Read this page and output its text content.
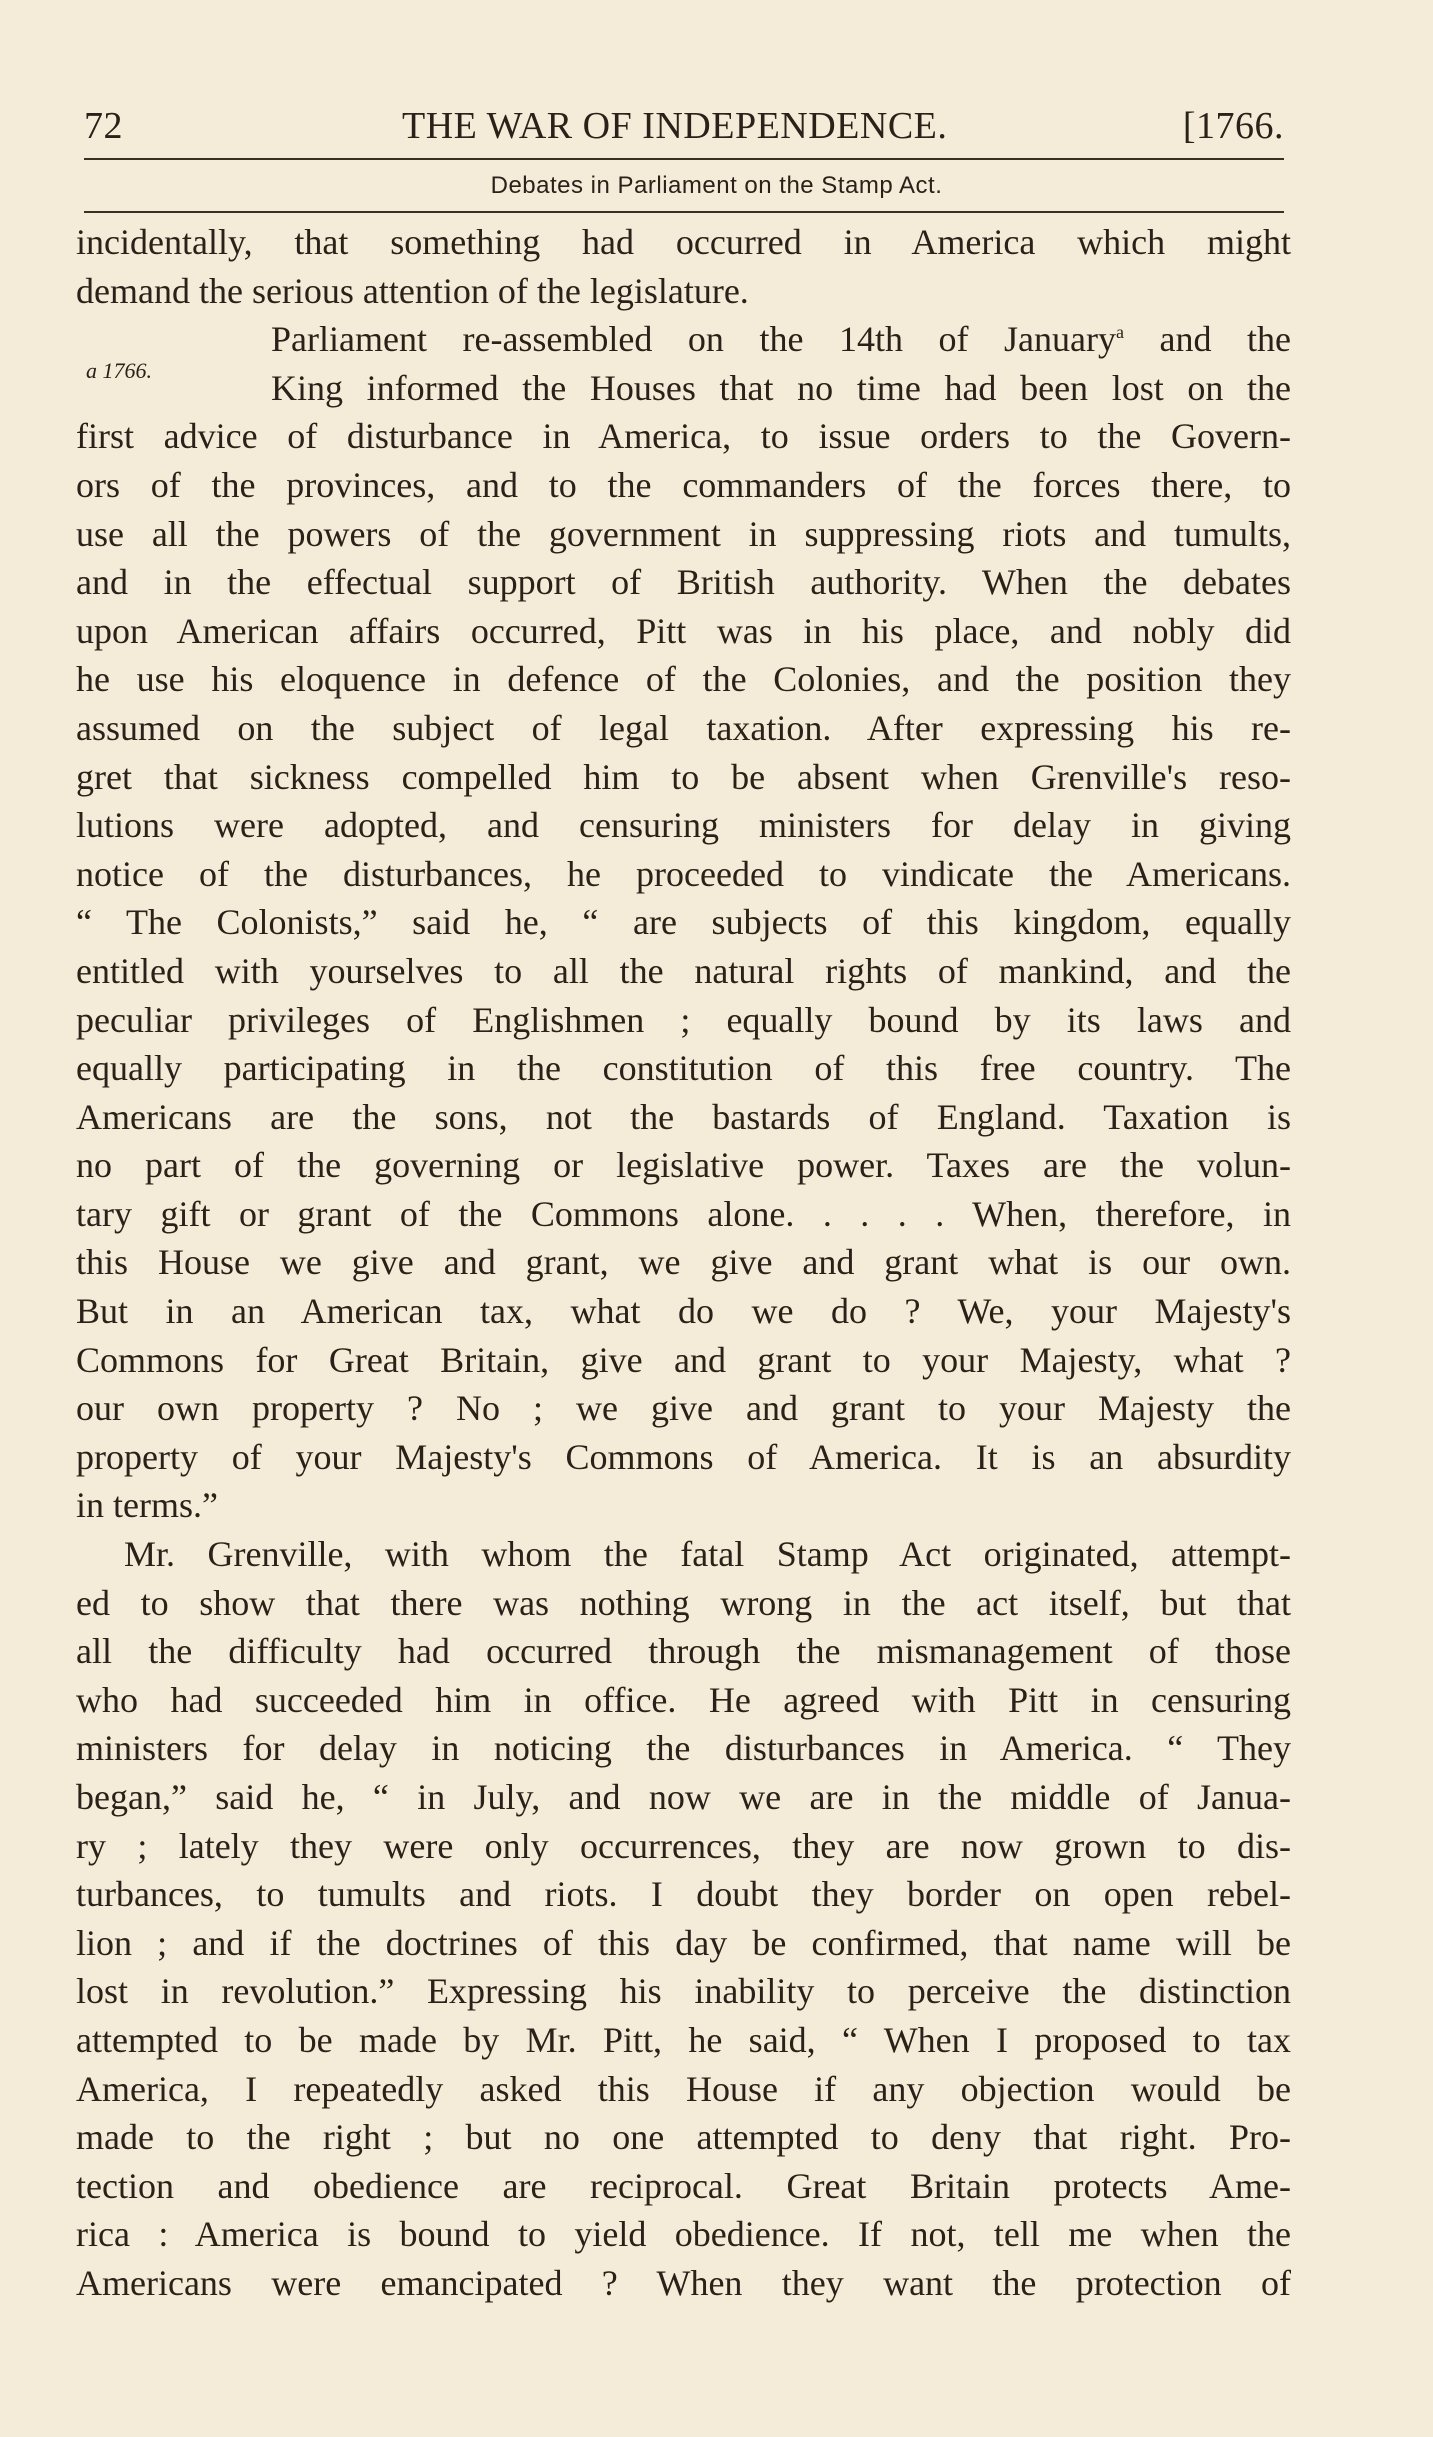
72	THE WAR OF INDEPENDENCE.	[1766.
Debates in Parliament on the Stamp Act.
a 1766.
incidentally, that something had occurred in America which might
demand the serious attention of the legislature.
Parliament re-assembled on the 14th of January$^a$ and the
King informed the Houses that no time had been lost on the
first advice of disturbance in America, to issue orders to the Govern-
ors of the provinces, and to the commanders of the forces there, to
use all the powers of the government in suppressing riots and tumults,
and in the effectual support of British authority. When the debates
upon American affairs occurred, Pitt was in his place, and nobly did
he use his eloquence in defence of the Colonies, and the position they
assumed on the subject of legal taxation. After expressing his re-
gret that sickness compelled him to be absent when Grenville's reso-
lutions were adopted, and censuring ministers for delay in giving
notice of the disturbances, he proceeded to vindicate the Americans.
“ The Colonists,” said he, “ are subjects of this kingdom, equally
entitled with yourselves to all the natural rights of mankind, and the
peculiar privileges of Englishmen ; equally bound by its laws and
equally participating in the constitution of this free country. The
Americans are the sons, not the bastards of England. Taxation is
no part of the governing or legislative power. Taxes are the volun-
tary gift or grant of the Commons alone. . . . . When, therefore, in
this House we give and grant, we give and grant what is our own.
But in an American tax, what do we do ? We, your Majesty's
Commons for Great Britain, give and grant to your Majesty, what ?
our own property ? No ; we give and grant to your Majesty the
property of your Majesty's Commons of America. It is an absurdity
in terms.”
Mr. Grenville, with whom the fatal Stamp Act originated, attempt-
ed to show that there was nothing wrong in the act itself, but that
all the difficulty had occurred through the mismanagement of those
who had succeeded him in office. He agreed with Pitt in censuring
ministers for delay in noticing the disturbances in America. “ They
began,” said he, “ in July, and now we are in the middle of Janua-
ry ; lately they were only occurrences, they are now grown to dis-
turbances, to tumults and riots. I doubt they border on open rebel-
lion ; and if the doctrines of this day be confirmed, that name will be
lost in revolution.” Expressing his inability to perceive the distinction
attempted to be made by Mr. Pitt, he said, “ When I proposed to tax
America, I repeatedly asked this House if any objection would be
made to the right ; but no one attempted to deny that right. Pro-
tection and obedience are reciprocal. Great Britain protects Ame-
rica : America is bound to yield obedience. If not, tell me when the
Americans were emancipated ? When they want the protection of
